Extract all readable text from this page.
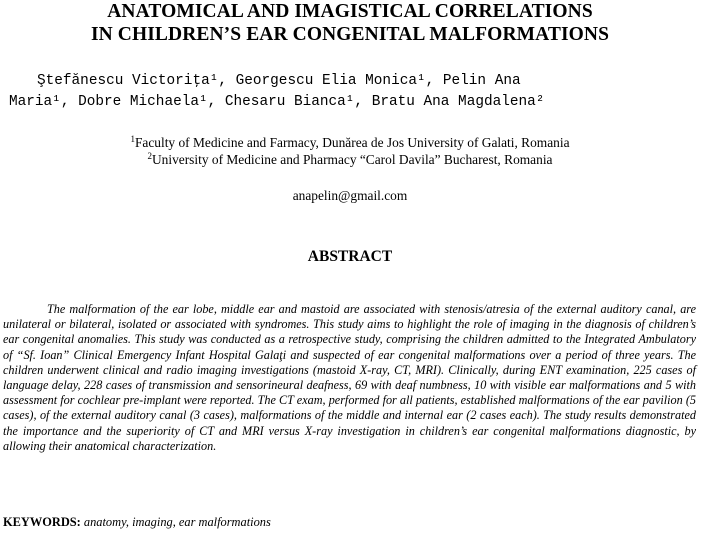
ANATOMICAL AND IMAGISTICAL CORRELATIONS
IN CHILDREN’S EAR CONGENITAL MALFORMATIONS
Ştefănescu Victoriţa¹, Georgescu Elia Monica¹, Pelin Ana
Maria¹, Dobre Michaela¹, Chesaru Bianca¹, Bratu Ana Magdalena²
$^1$Faculty of Medicine and Farmacy, Dunărea de Jos University of Galati, Romania
$^2$University of Medicine and Pharmacy “Carol Davila” Bucharest, Romania
anapelin@gmail.com
ABSTRACT

The malformation of the ear lobe, middle ear and mastoid are associated with stenosis/atresia of the external auditory canal, are unilateral or bilateral, isolated or associated with syndromes. This study aims to highlight the role of imaging in the diagnosis of children’s ear congenital anomalies. This study was conducted as a retrospective study, comprising the children admitted to the Integrated Ambulatory of “Sf. Ioan” Clinical Emergency Infant Hospital Galaţi and suspected of ear congenital malformations over a period of three years. The children underwent clinical and radio imaging investigations (mastoid X-ray, CT, MRI). Clinically, during ENT examination, 225 cases of language delay, 228 cases of transmission and sensorineural deafness, 69 with deaf numbness, 10 with visible ear malformations and 5 with assessment for cochlear pre-implant were reported. The CT exam, performed for all patients, established malformations of the ear pavilion (5 cases), of the external auditory canal (3 cases), malformations of the middle and internal ear (2 cases each). The study results demonstrated the importance and the superiority of CT and MRI versus X-ray investigation in children’s ear congenital malformations diagnostic, by allowing their anatomical characterization.

KEYWORDS: anatomy, imaging, ear malformations
